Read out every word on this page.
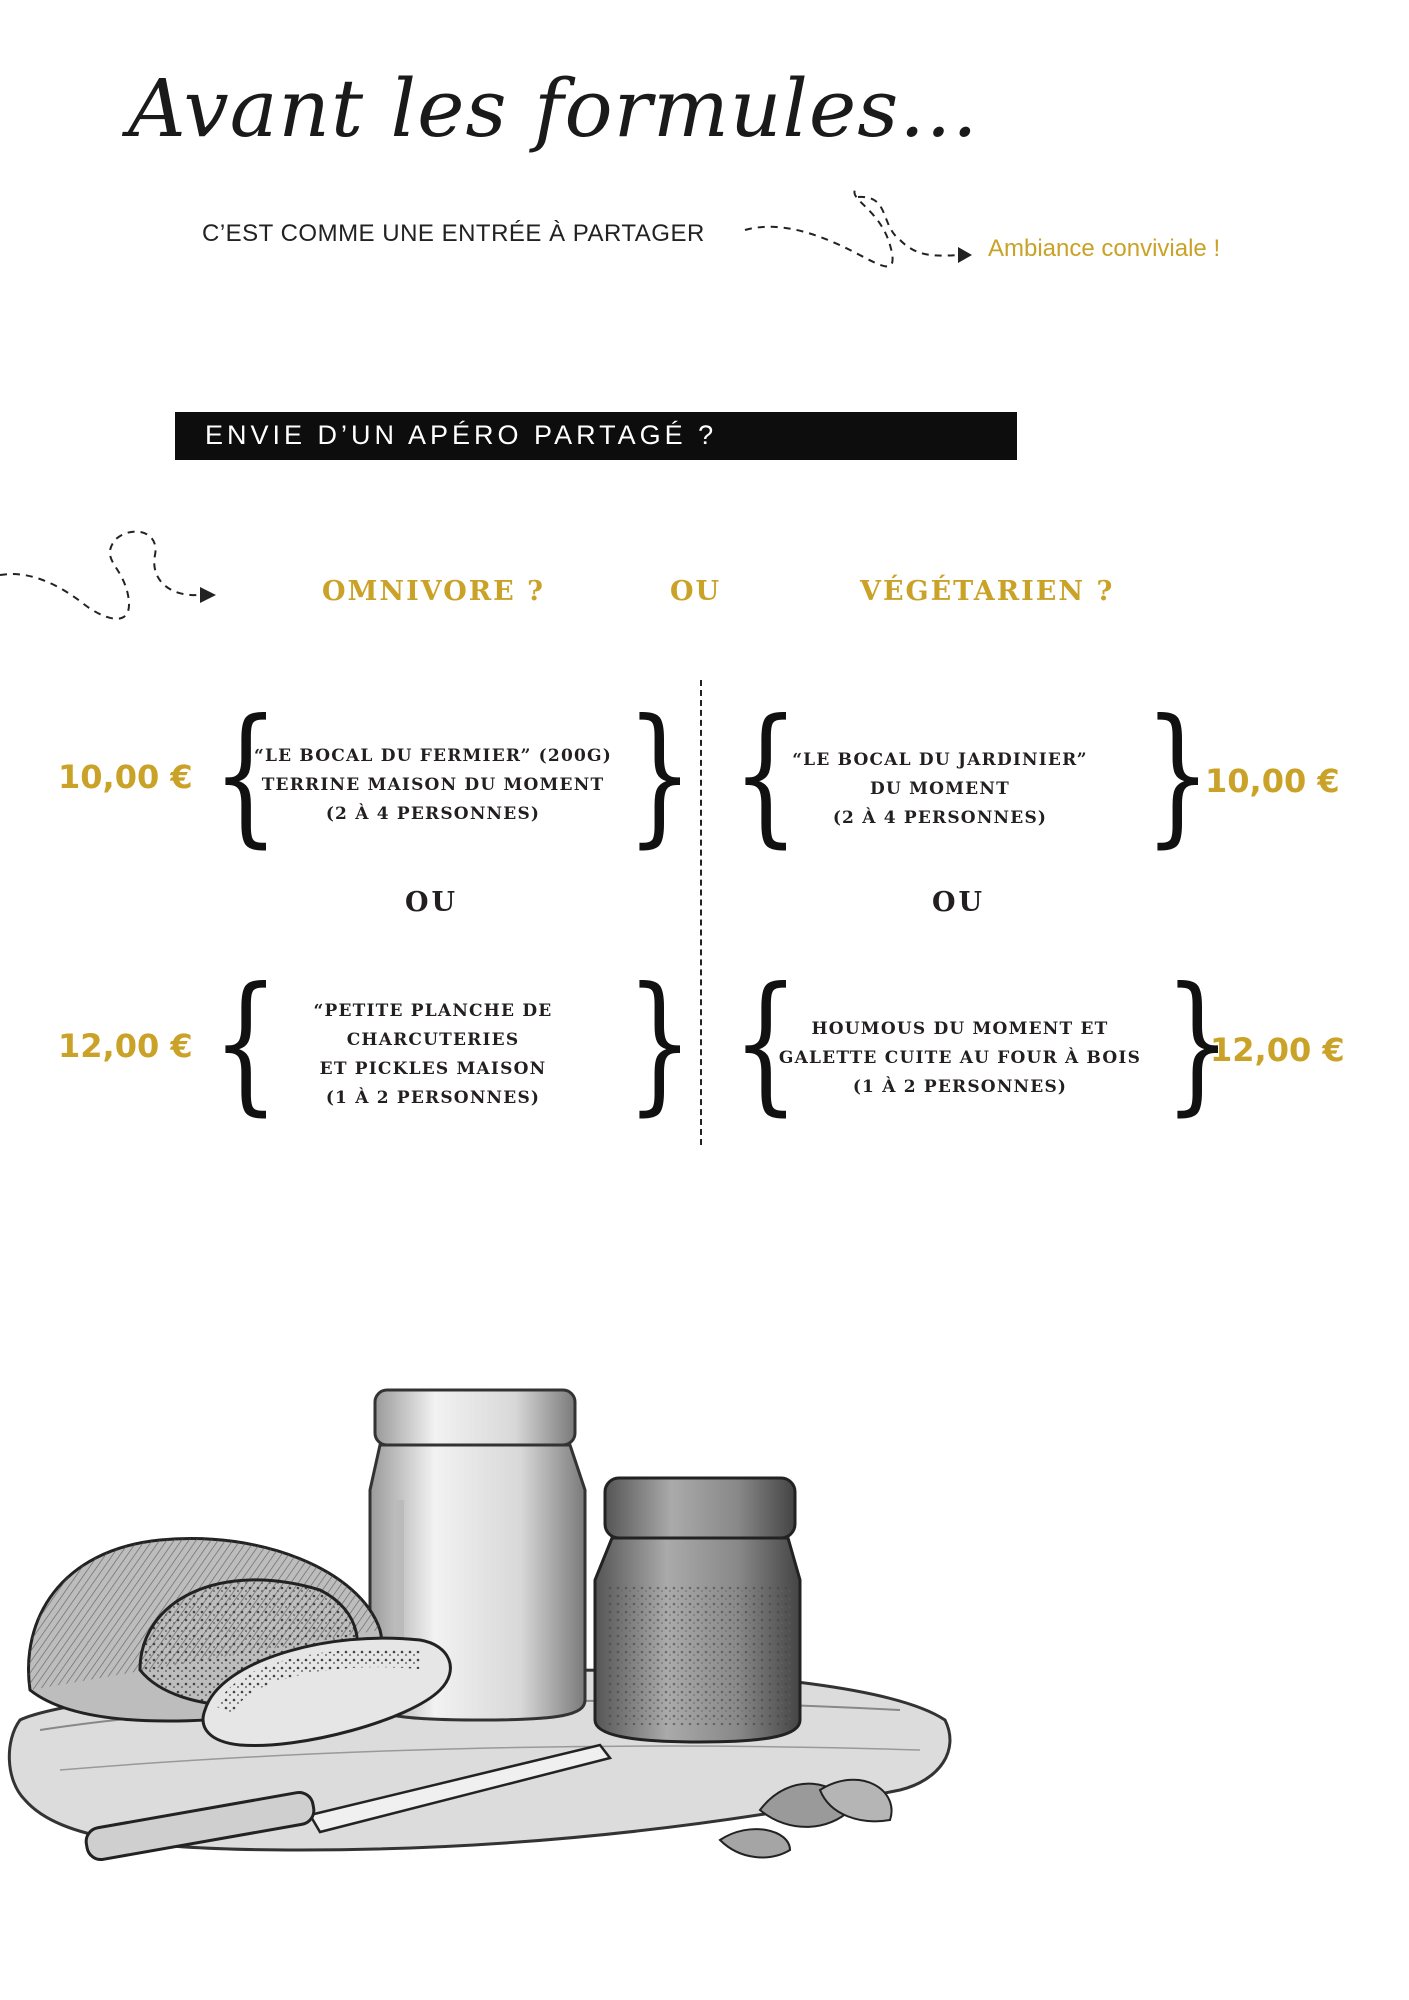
Avant les formules...
C’EST COMME UNE ENTRÉE À PARTAGER
Ambiance conviviale !
ENVIE D’UN APÉRO PARTAGÉ ?
OMNIVORE ?	OU	VÉGÉTARIEN ?
10,00 € {
“LE BOCAL DU FERMIER” (200G)
TERRINE MAISON DU MOMENT
(2 À 4 PERSONNES) }
OU
12,00 € {	“PETITE PLANCHE DE
CHARCUTERIES
ET PICKLES MAISON
(1 À 2 PERSONNES) }
{
“LE BOCAL DU JARDINIER”
DU MOMENT
(2 À 4 PERSONNES) }
10,00 €
OU
{ HOUMOUS DU MOMENT ET
GALETTE CUITE AU FOUR À BOIS
(1 À 2 PERSONNES) }
12,00 €
